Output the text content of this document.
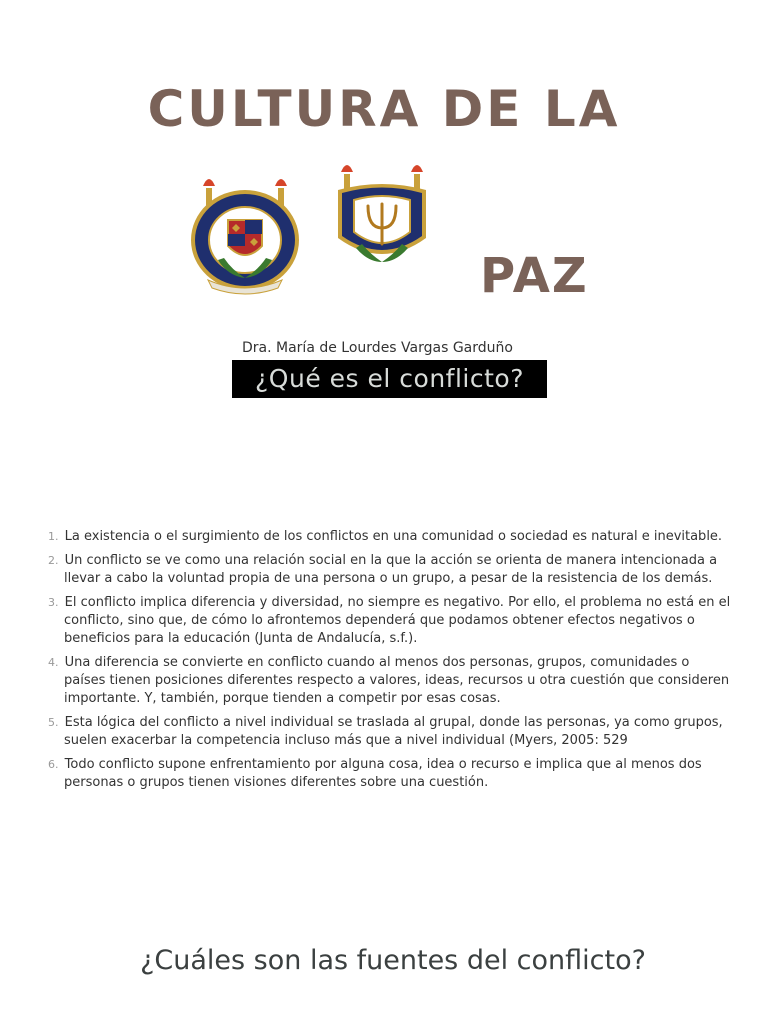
CULTURA DE LA
PAZ
Dra. María de Lourdes Vargas Garduño
¿Qué es el conflicto?
1. La existencia o el surgimiento de los conflictos en una comunidad o sociedad es natural e inevitable.
2. Un conflicto se ve como una relación social en la que la acción se orienta de manera intencionada a llevar a cabo la voluntad propia de una persona o un grupo, a pesar de la resistencia de los demás.
3. El conflicto implica diferencia y diversidad, no siempre es negativo. Por ello, el problema no está en el conflicto, sino que, de cómo lo afrontemos dependerá que podamos obtener efectos negativos o beneficios para la educación (Junta de Andalucía, s.f.).
4. Una diferencia se convierte en conflicto cuando al menos dos personas, grupos, comunidades o países tienen posiciones diferentes respecto a valores, ideas, recursos u otra cuestión que consideren importante. Y, también, porque tienden a competir por esas cosas.
5. Esta lógica del conflicto a nivel individual se traslada al grupal, donde las personas, ya como grupos, suelen exacerbar la competencia incluso más que a nivel individual (Myers, 2005: 529
6. Todo conflicto supone enfrentamiento por alguna cosa, idea o recurso e implica que al menos dos personas o grupos tienen visiones diferentes sobre una cuestión.
¿Cuáles son las fuentes del conflicto?
